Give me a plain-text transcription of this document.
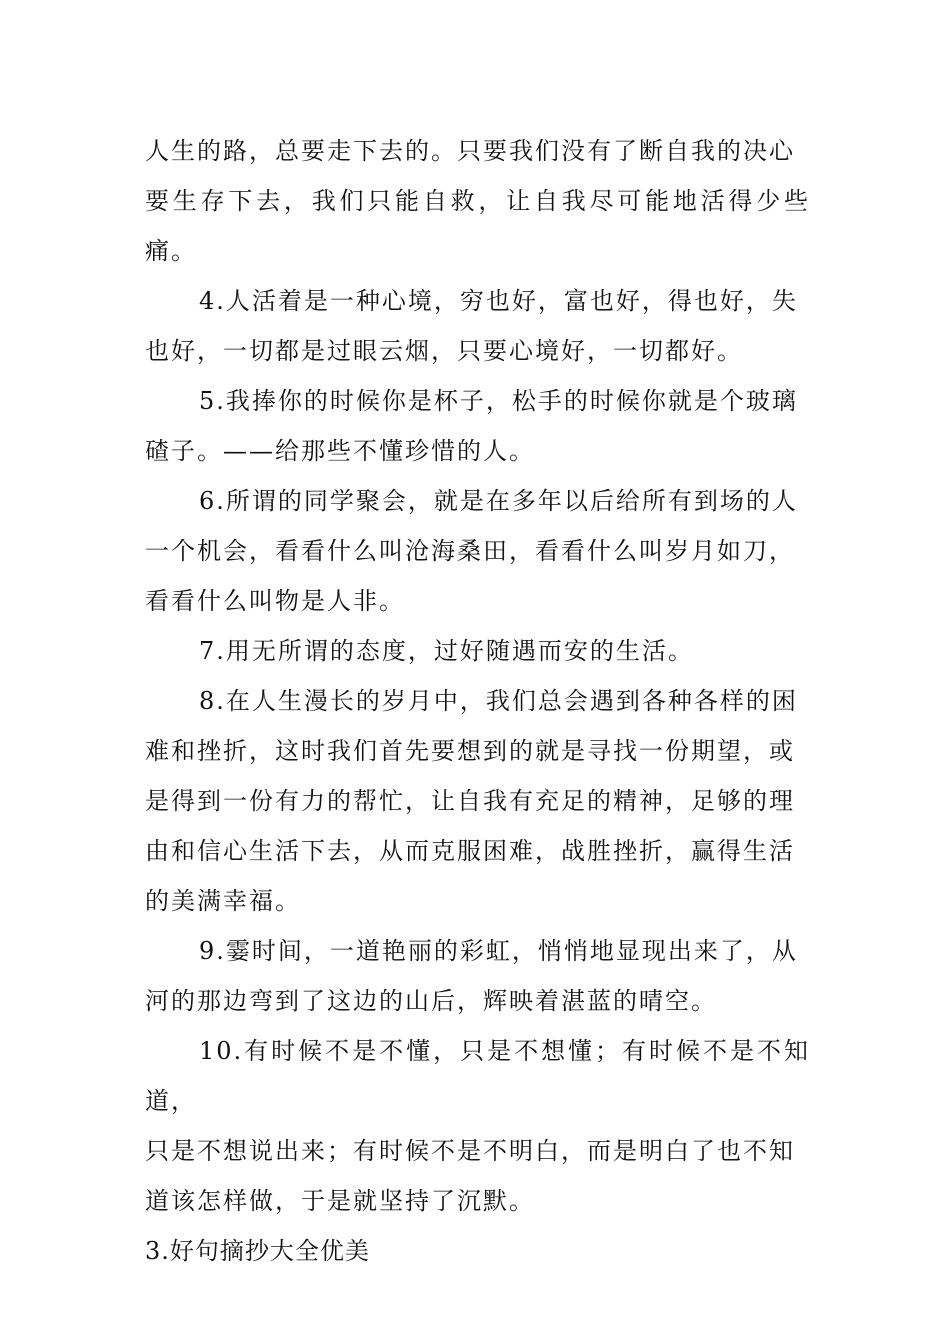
人生的路，总要走下去的。只要我们没有了断自我的决心
要生存下去，我们只能自救，让自我尽可能地活得少些痛。

4.人活着是一种心境，穷也好，富也好，得也好，失
也好，一切都是过眼云烟，只要心境好，一切都好。

5.我捧你的时候你是杯子，松手的时候你就是个玻璃
碴子。——给那些不懂珍惜的人。

6.所谓的同学聚会，就是在多年以后给所有到场的人
一个机会，看看什么叫沧海桑田，看看什么叫岁月如刀，
看看什么叫物是人非。

7.用无所谓的态度，过好随遇而安的生活。

8.在人生漫长的岁月中，我们总会遇到各种各样的困
难和挫折，这时我们首先要想到的就是寻找一份期望，或
是得到一份有力的帮忙，让自我有充足的精神，足够的理
由和信心生活下去，从而克服困难，战胜挫折，赢得生活
的美满幸福。

9.霎时间，一道艳丽的彩虹，悄悄地显现出来了，从
河的那边弯到了这边的山后，辉映着湛蓝的晴空。

10.有时候不是不懂，只是不想懂；有时候不是不知道，
只是不想说出来；有时候不是不明白，而是明白了也不知
道该怎样做，于是就坚持了沉默。

3.好句摘抄大全优美
